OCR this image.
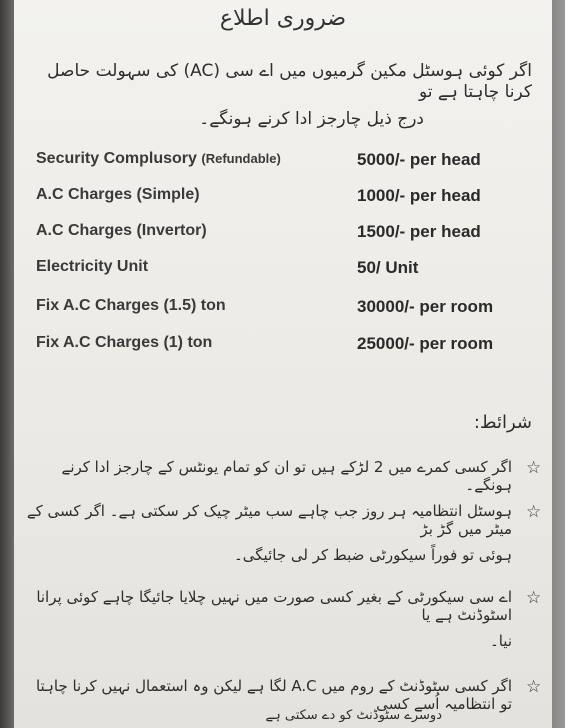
ضروری اطلاع
اگر کوئی ہوسٹل مکین گرمیوں میں اے سی (AC) کی سہولت حاصل کرنا چاہتا ہے تو
درج ذیل چارجز ادا کرنے ہونگے۔
Security Complusory (Refundable)	5000/- per head
A.C Charges (Simple)	1000/- per head
A.C Charges (Invertor)	1500/- per head
Electricity Unit	50/ Unit
Fix A.C Charges (1.5) ton	30000/- per room
Fix A.C Charges (1) ton	25000/- per room
شرائط:
☆
اگر کسی کمرے میں 2 لڑکے ہیں تو ان کو تمام یونٹس کے چارجز ادا کرنے ہونگے۔
☆
ہوسٹل انتظامیہ ہر روز جب چاہے سب میٹر چیک کر سکتی ہے۔ اگر کسی کے میٹر میں گڑ بڑ
ہوئی تو فوراً سیکورٹی ضبط کر لی جائیگی۔
☆
اے سی سیکورٹی کے بغیر کسی صورت میں نہیں چلایا جائیگا چاہے کوئی پرانا اسٹوڈنٹ ہے یا
نیا۔
☆
اگر کسی سٹوڈنٹ کے روم میں A.C لگا ہے لیکن وہ استعمال نہیں کرنا چاہتا تو انتظامیہ اُسے کسی
دوسرے سٹوڈنٹ کو دے سکتی ہے
